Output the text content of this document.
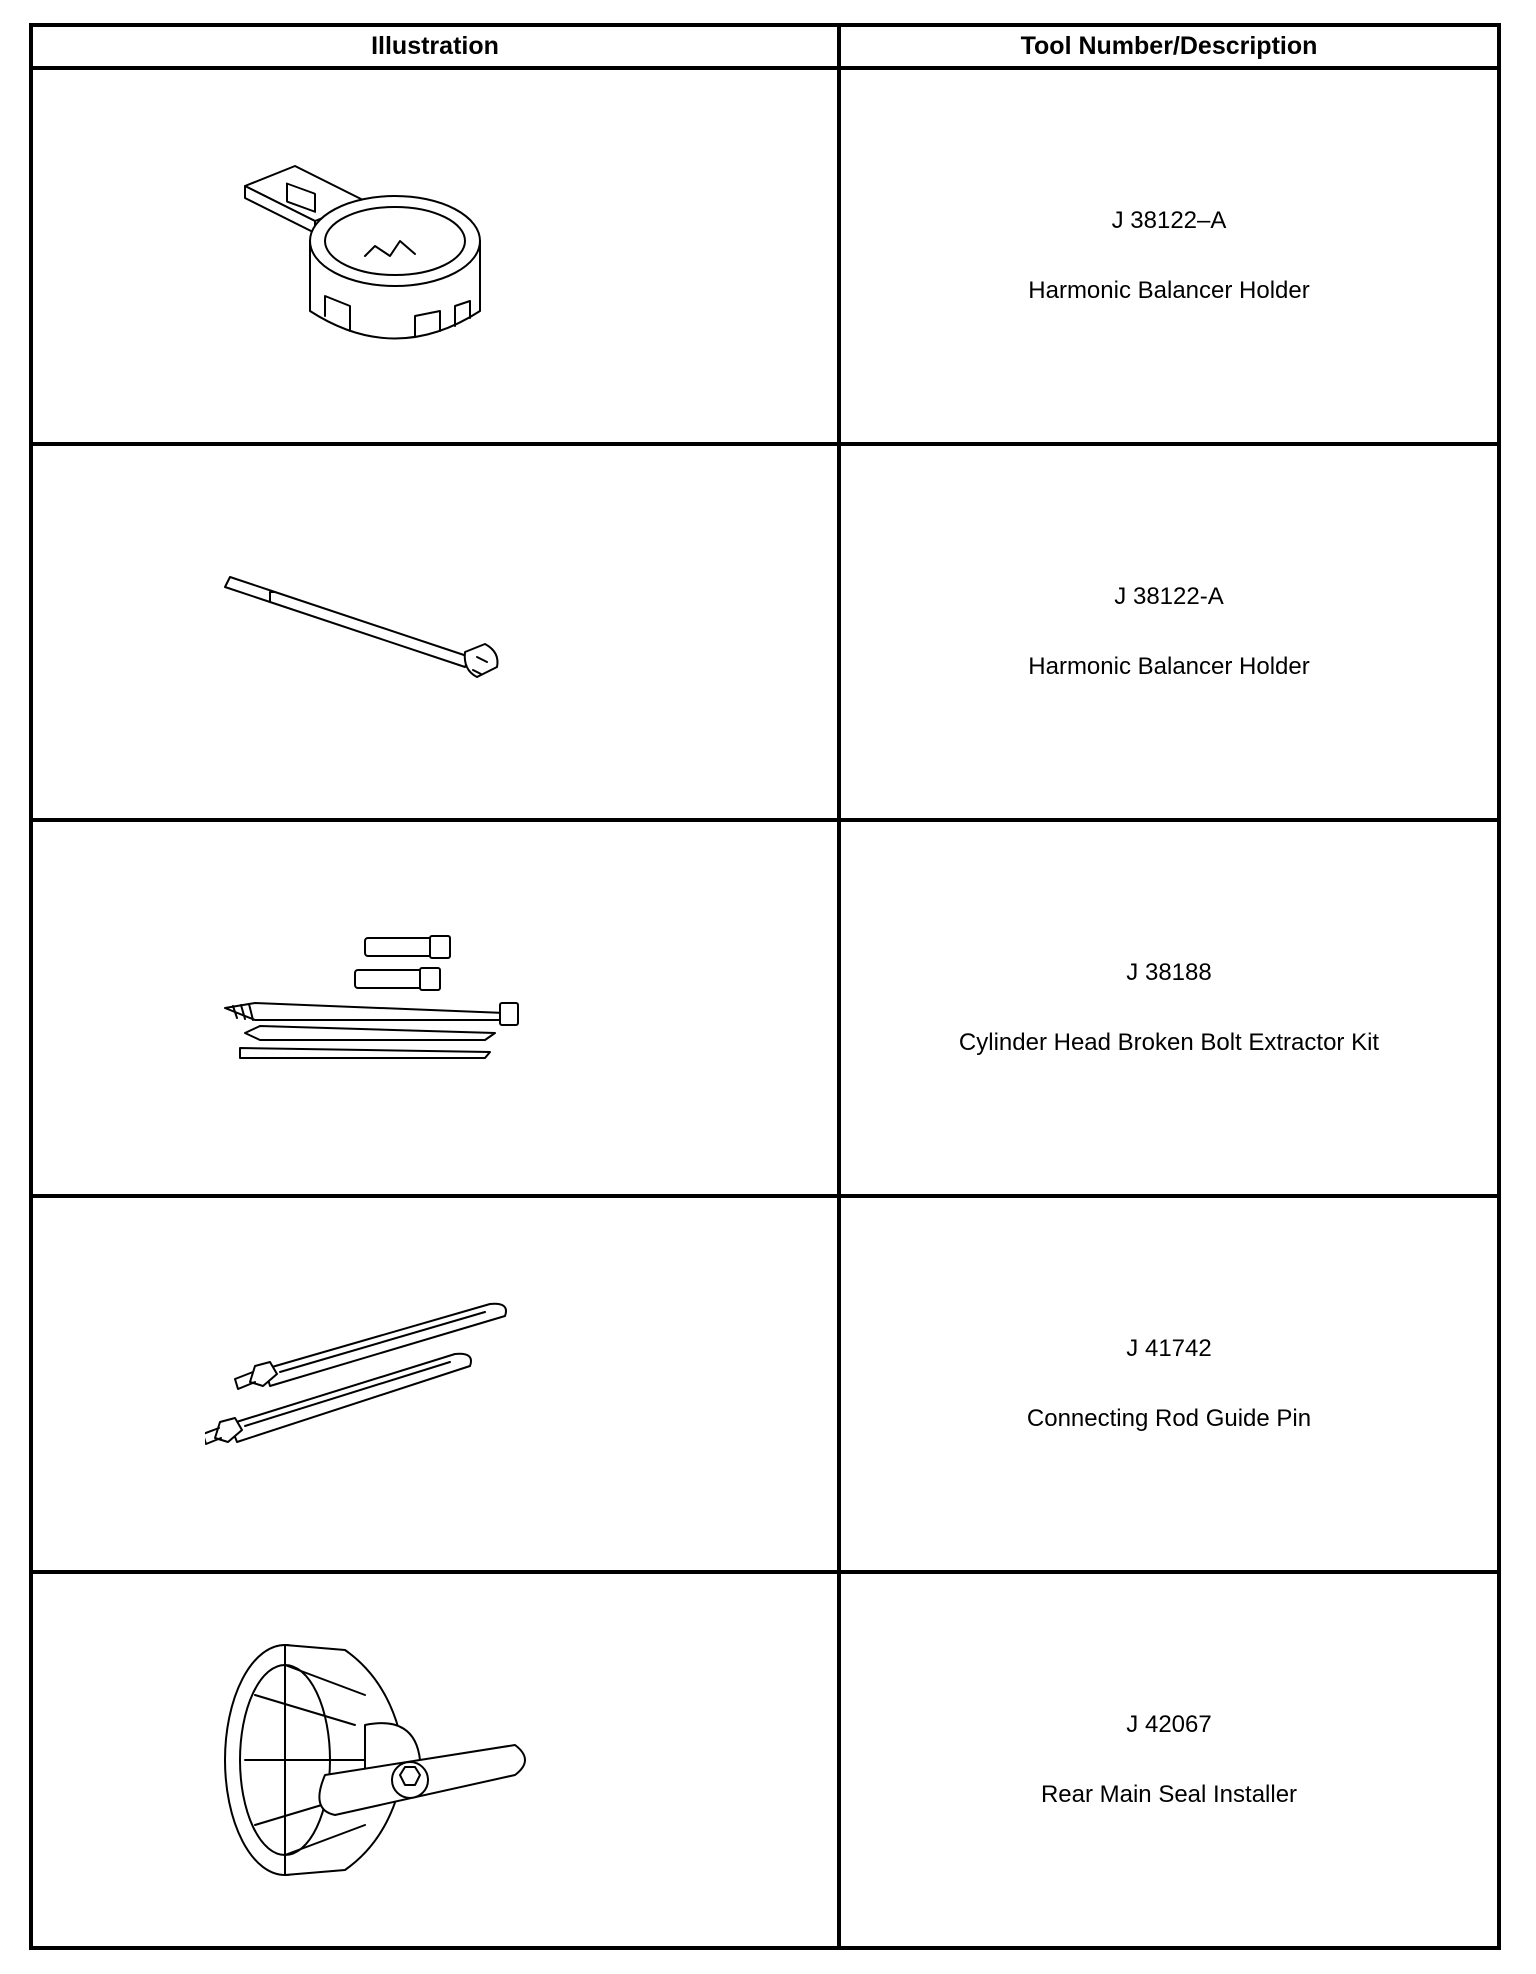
Illustration	Tool Number/Description

J 38122–A
Harmonic Balancer Holder

J 38122-A
Harmonic Balancer Holder

J 38188
Cylinder Head Broken Bolt Extractor Kit

J 41742
Connecting Rod Guide Pin

J 42067
Rear Main Seal Installer
